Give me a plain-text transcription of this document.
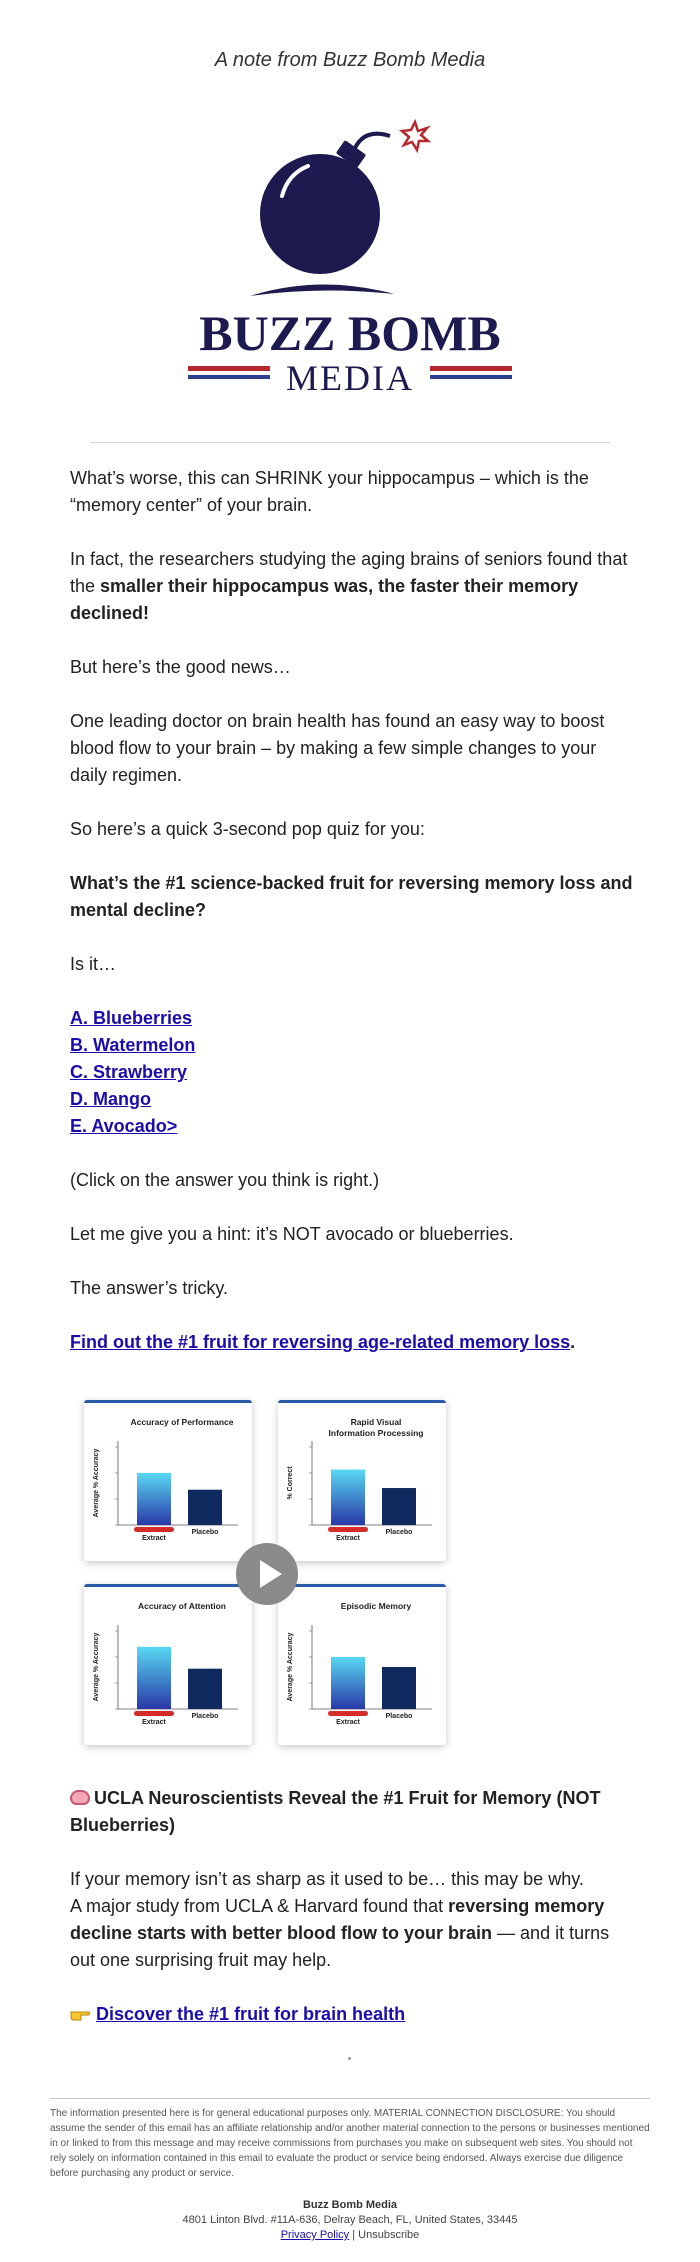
A note from Buzz Bomb Media
BUZZ BOMB
MEDIA

What’s worse, this can SHRINK your hippocampus – which is the “memory center” of your brain.

In fact, the researchers studying the aging brains of seniors found that the smaller their hippocampus was, the faster their memory declined!

But here’s the good news…

One leading doctor on brain health has found an easy way to boost blood flow to your brain – by making a few simple changes to your daily regimen.

So here’s a quick 3-second pop quiz for you:

What’s the #1 science-backed fruit for reversing memory loss and mental decline?

Is it…

A. Blueberries
B. Watermelon
C. Strawberry
D. Mango
E. Avocado>

(Click on the answer you think is right.)

Let me give you a hint: it’s NOT avocado or blueberries.

The answer’s tricky.

Find out the #1 fruit for reversing age-related memory loss.

Accuracy of Performance
Average % Accuracy
Extract
Placebo
Rapid Visual
Information Processing
% Correct
Extract
Placebo
Accuracy of Attention
Average % Accuracy
Extract
Placebo
Episodic Memory
Average % Accuracy
Extract
Placebo

UCLA Neuroscientists Reveal the #1 Fruit for Memory (NOT Blueberries)

If your memory isn’t as sharp as it used to be… this may be why.
A major study from UCLA & Harvard found that reversing memory decline starts with better blood flow to your brain — and it turns out one surprising fruit may help.

Discover the #1 fruit for brain health

The information presented here is for general educational purposes only. MATERIAL CONNECTION DISCLOSURE: You should assume the sender of this email has an affiliate relationship and/or another material connection to the persons or businesses mentioned in or linked to from this message and may receive commissions from purchases you make on subsequent web sites. You should not rely solely on information contained in this email to evaluate the product or service being endorsed. Always exercise due diligence before purchasing any product or service.
Buzz Bomb Media
4801 Linton Blvd. #11A-636, Delray Beach, FL, United States, 33445
Privacy Policy | Unsubscribe
